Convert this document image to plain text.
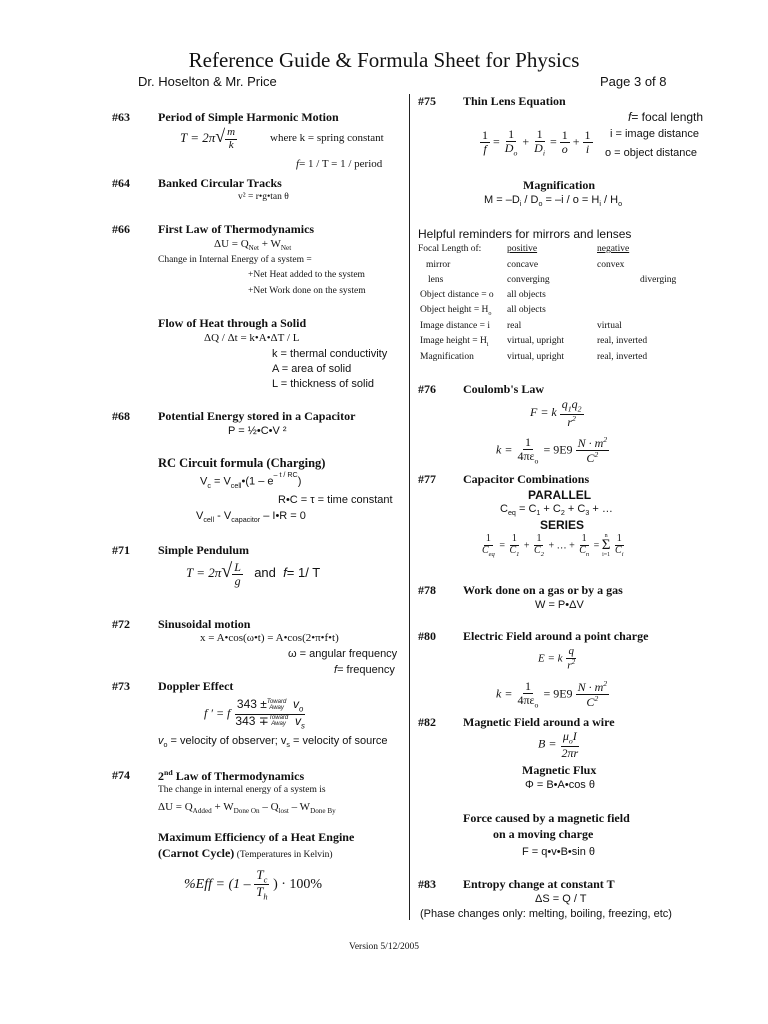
Reference Guide & Formula Sheet for Physics
Dr. Hoselton & Mr. Price	Page 3 of 8
#63 Period of Simple Harmonic Motion
$T = 2\pi√ \frac{m}{k}$	where k = spring constant
f= 1 / T = 1 / period
#64 Banked Circular Tracks
v² = r•g•tan θ
#66 First Law of Thermodynamics
$\Delta U = Q_{Net} + W_{Net}$
Change in Internal Energy of a system =
+Net Heat added to the system
+Net Work done on the system
Flow of Heat through a Solid
ΔQ / Δt = k•A•ΔT / L
k = thermal conductivity
A = area of solid
L = thickness of solid
#68 Potential Energy stored in a Capacitor
P = ½•C•V ²
RC Circuit formula (Charging)
$V_c$ = $V_{cell}•(1 - e^{- t / RC})$
R•C = τ = time constant
$V_{cell} - V_{capacitor}$ – I•R = 0
#71 Simple Pendulum
$T = 2\pi√ \frac{L}{g}$ and f= 1/ T
#72 Sinusoidal motion
x = A•cos(ω•t) = A•cos(2•π•f•t)
ω = angular frequency
f= frequency
#73 Doppler Effect
f ′ = f
343 ±Toward
Away $v_o$
343 ∓Toward
Away $v_s$
$v_o$ = velocity of observer; $v_s$ = velocity of source
#74 2nd Law of Thermodynamics
The change in internal energy of a system is
$\Delta U = Q_{Added} + W_{Done On} - Q_{lost} - W_{Done By}$
Maximum Efficiency of a Heat Engine
(Carnot Cycle) (Temperatures in Kelvin)
$\%Eff = (1 - \frac{T_c}{T_h}$ ) · 100%
#75 Thin Lens Equation
f= focal length
i = image distance
o = object distance
$\frac{1}{f} = \frac{1}{D_o} + \frac{1}{D_i} = \frac{1}{o} + \frac{1}{i}$
Magnification
$M = -D_i / D_o = -i / o = H_i / H_o$
Helpful reminders for mirrors and lenses
Focal Length of:	positive	negative
mirror	concave	convex
lens	converging	diverging
Object distance = o all objects
Object height = $H_o$ all objects
Image distance = i real	virtual
Image height = $H_i$ virtual, upright	real, inverted
Magnification	virtual, upright	real, inverted
#76 Coulomb's Law
F = k $\frac{q_1q_2}{r^2}$
$k = \frac{1}{4\pi\varepsilon_o} = 9E9 \frac{N \cdot m^2}{C^2}$
#77 Capacitor Combinations
PARALLEL
$C_{eq} = C_1 + C_2 + C_3$ + …
SERIES
$\frac{1}{C_{eq}} = \frac{1}{C_1} + \frac{1}{C_2}$ + … + $\frac{1}{C_n}$ =
n
Σ
i=1
$\frac{1}{C_i}$
#78 Work done on a gas or by a gas
W = P•ΔV
#80 Electric Field around a point charge
E = k $\frac{q}{r^2}$
$k = \frac{1}{4\pi\varepsilon_o} = 9E9 \frac{N \cdot m^2}{C^2}$
#82 Magnetic Field around a wire
$B = \frac{\mu_oI}{2\pi r}$
Magnetic Flux
Φ = B•A•cos θ
Force caused by a magnetic field
on a moving charge
F = q•v•B•sin θ
#83 Entropy change at constant T
ΔS = Q / T
(Phase changes only: melting, boiling, freezing, etc)
Version 5/12/2005
